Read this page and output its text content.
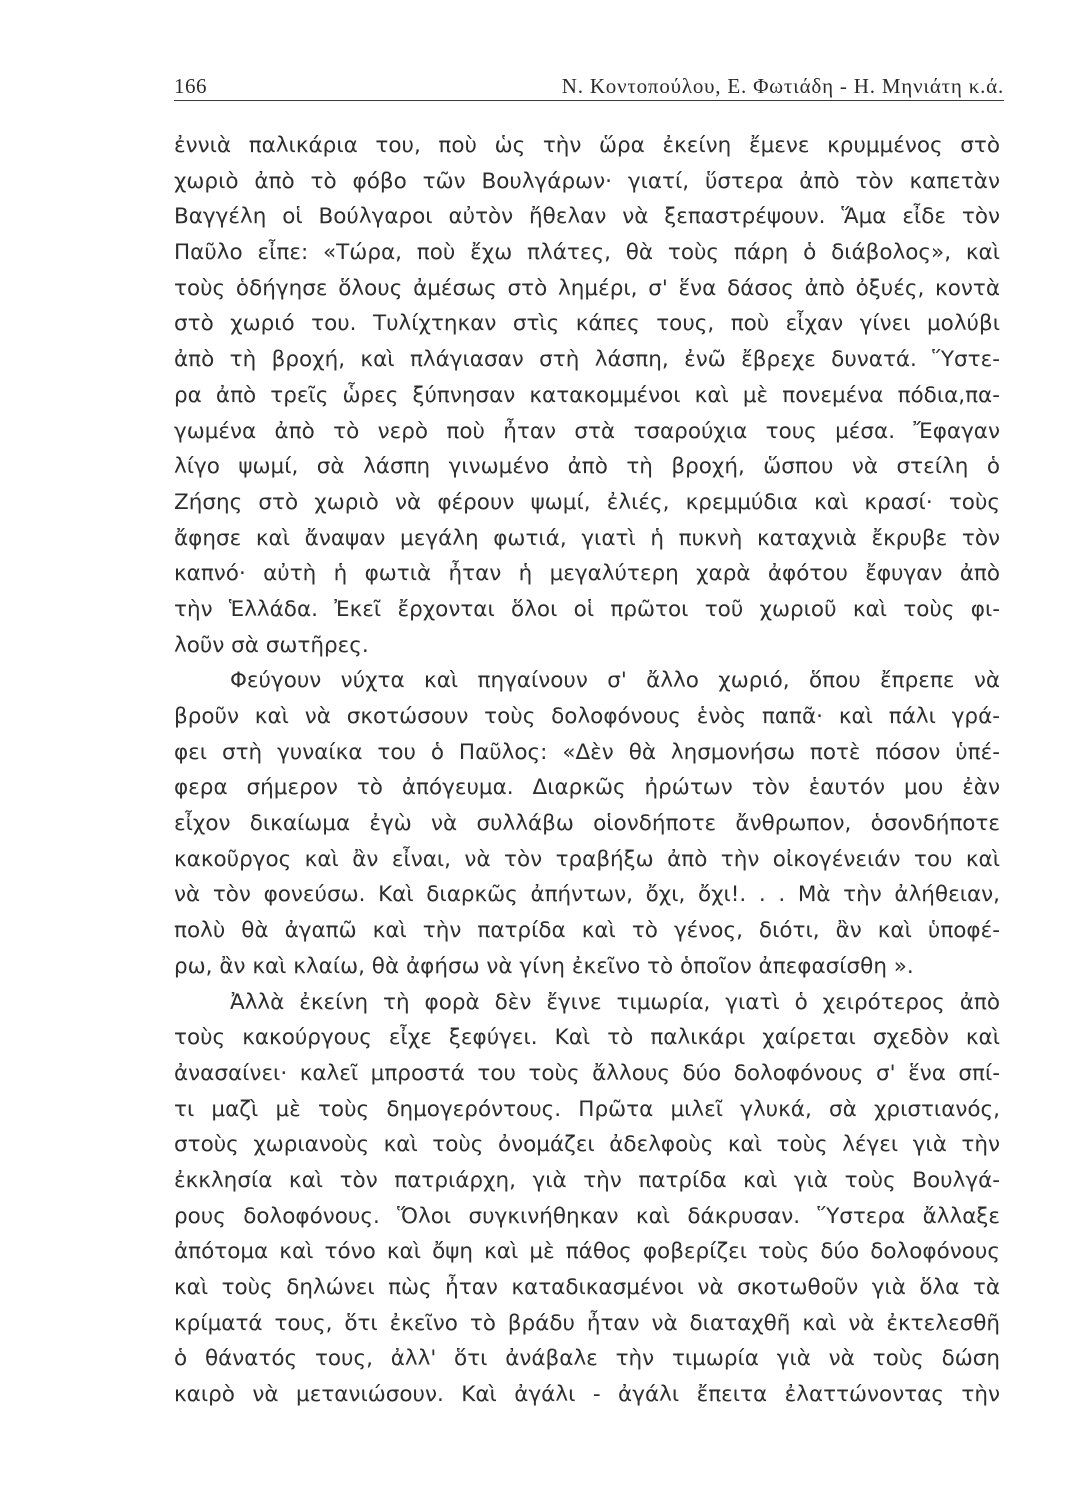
166	Ν. Κοντοπούλου, Ε. Φωτιάδη - Η. Μηνιάτη κ.ά.
ἐννιὰ παλικάρια του, ποὺ ὡς τὴν ὥρα ἐκείνη ἔμενε κρυμμένος στὸ
χωριὸ ἀπὸ τὸ φόβο τῶν Βουλγάρων· γιατί, ὕστερα ἀπὸ τὸν καπετὰν
Βαγγέλη οἱ Βούλγαροι αὐτὸν ἤθελαν νὰ ξεπαστρέψουν. Ἅμα εἶδε τὸν
Παῦλο εἶπε: «Τώρα, ποὺ ἔχω πλάτες, θὰ τοὺς πάρη ὁ διάβολος», καὶ
τοὺς ὁδήγησε ὅλους ἀμέσως στὸ λημέρι, σ' ἕνα δάσος ἀπὸ ὀξυές, κοντὰ
στὸ χωριό του. Τυλίχτηκαν στὶς κάπες τους, ποὺ εἶχαν γίνει μολύβι
ἀπὸ τὴ βροχή, καὶ πλάγιασαν στὴ λάσπη, ἐνῶ ἔβρεχε δυνατά. Ὕστε-
ρα ἀπὸ τρεῖς ὧρες ξύπνησαν κατακομμένοι καὶ μὲ πονεμένα πόδια,πα-
γωμένα ἀπὸ τὸ νερὸ ποὺ ἦταν στὰ τσαρούχια τους μέσα. Ἔφαγαν
λίγο ψωμί, σὰ λάσπη γινωμένο ἀπὸ τὴ βροχή, ὥσπου νὰ στείλη ὁ
Ζήσης στὸ χωριὸ νὰ φέρουν ψωμί, ἐλιές, κρεμμύδια καὶ κρασί· τοὺς
ἄφησε καὶ ἄναψαν μεγάλη φωτιά, γιατὶ ἡ πυκνὴ καταχνιὰ ἔκρυβε τὸν
καπνό· αὐτὴ ἡ φωτιὰ ἦταν ἡ μεγαλύτερη χαρὰ ἀφότου ἔφυγαν ἀπὸ
τὴν Ἑλλάδα. Ἐκεῖ ἔρχονται ὅλοι οἱ πρῶτοι τοῦ χωριοῦ καὶ τοὺς φι-
λοῦν σὰ σωτῆρες.
Φεύγουν νύχτα καὶ πηγαίνουν σ' ἄλλο χωριό, ὅπου ἔπρεπε νὰ
βροῦν καὶ νὰ σκοτώσουν τοὺς δολοφόνους ἑνὸς παπᾶ· καὶ πάλι γρά-
φει στὴ γυναίκα του ὁ Παῦλος: «Δὲν θὰ λησμονήσω ποτὲ πόσον ὑπέ-
φερα σήμερον τὸ ἀπόγευμα. Διαρκῶς ἠρώτων τὸν ἑαυτόν μου ἐὰν
εἶχον δικαίωμα ἐγὼ νὰ συλλάβω οἱονδήποτε ἄνθρωπον, ὁσονδήποτε
κακοῦργος καὶ ἂν εἶναι, νὰ τὸν τραβήξω ἀπὸ τὴν οἰκογένειάν του καὶ
νὰ τὸν φονεύσω. Καὶ διαρκῶς ἀπήντων, ὄχι, ὄχι!. . . Μὰ τὴν ἀλήθειαν,
πολὺ θὰ ἀγαπῶ καὶ τὴν πατρίδα καὶ τὸ γένος, διότι, ἂν καὶ ὑποφέ-
ρω, ἂν καὶ κλαίω, θὰ ἀφήσω νὰ γίνη ἐκεῖνο τὸ ὁποῖον ἀπεφασίσθη ».
Ἀλλὰ ἐκείνη τὴ φορὰ δὲν ἔγινε τιμωρία, γιατὶ ὁ χειρότερος ἀπὸ
τοὺς κακούργους εἶχε ξεφύγει. Καὶ τὸ παλικάρι χαίρεται σχεδὸν καὶ
ἀνασαίνει· καλεῖ μπροστά του τοὺς ἄλλους δύο δολοφόνους σ' ἕνα σπί-
τι μαζὶ μὲ τοὺς δημογερόντους. Πρῶτα μιλεῖ γλυκά, σὰ χριστιανός,
στοὺς χωριανοὺς καὶ τοὺς ὀνομάζει ἀδελφοὺς καὶ τοὺς λέγει γιὰ τὴν
ἐκκλησία καὶ τὸν πατριάρχη, γιὰ τὴν πατρίδα καὶ γιὰ τοὺς Βουλγά-
ρους δολοφόνους. Ὅλοι συγκινήθηκαν καὶ δάκρυσαν. Ὕστερα ἄλλαξε
ἀπότομα καὶ τόνο καὶ ὄψη καὶ μὲ πάθος φοβερίζει τοὺς δύο δολοφόνους
καὶ τοὺς δηλώνει πὼς ἦταν καταδικασμένοι νὰ σκοτωθοῦν γιὰ ὅλα τὰ
κρίματά τους, ὅτι ἐκεῖνο τὸ βράδυ ἦταν νὰ διαταχθῆ καὶ νὰ ἐκτελεσθῆ
ὁ θάνατός τους, ἀλλ' ὅτι ἀνάβαλε τὴν τιμωρία γιὰ νὰ τοὺς δώση
καιρὸ νὰ μετανιώσουν. Καὶ ἀγάλι - ἀγάλι ἔπειτα ἐλαττώνοντας τὴν
